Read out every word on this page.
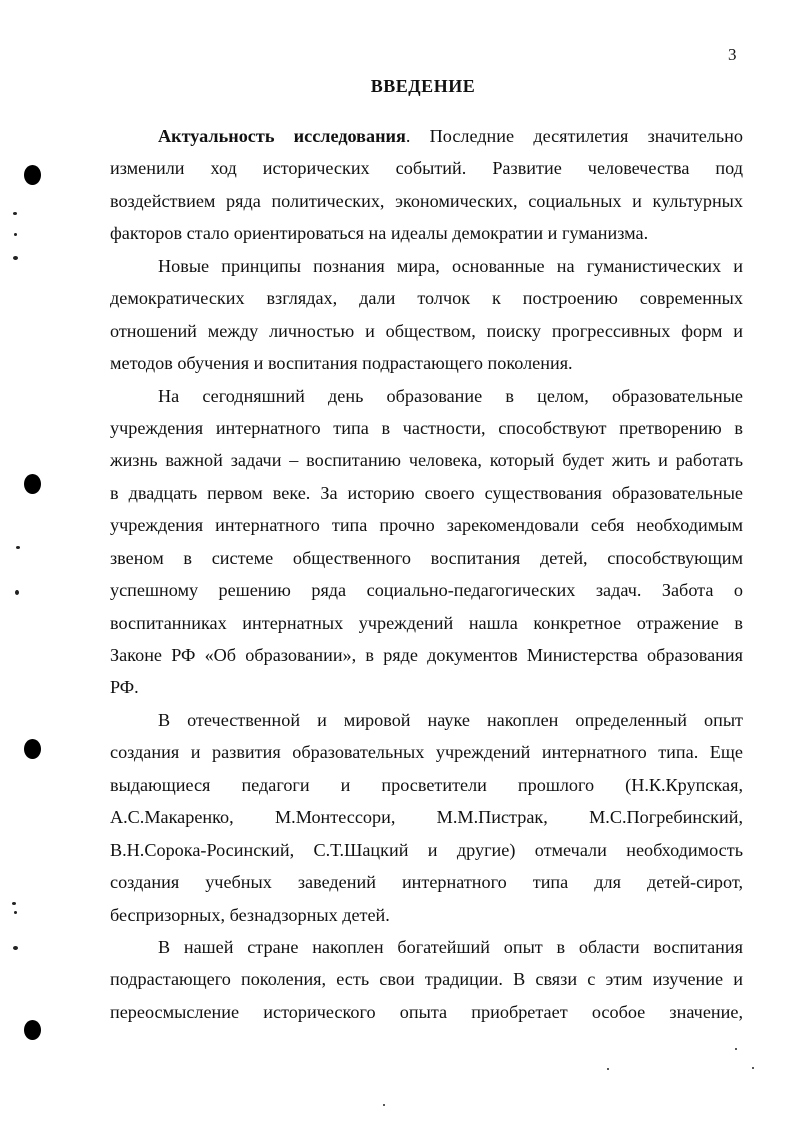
3
ВВЕДЕНИЕ
Актуальность исследования. Последние десятилетия значительно
изменили ход исторических событий. Развитие человечества под
воздействием ряда политических, экономических, социальных и культурных
факторов стало ориентироваться на идеалы демократии и гуманизма.
Новые принципы познания мира, основанные на гуманистических и
демократических взглядах, дали толчок к построению современных
отношений между личностью и обществом, поиску прогрессивных форм и
методов обучения и воспитания подрастающего поколения.
На сегодняшний день образование в целом, образовательные
учреждения интернатного типа в частности, способствуют претворению в
жизнь важной задачи – воспитанию человека, который будет жить и работать
в двадцать первом веке. За историю своего существования образовательные
учреждения интернатного типа прочно зарекомендовали себя необходимым
звеном в системе общественного воспитания детей, способствующим
успешному решению ряда социально-педагогических задач. Забота о
воспитанниках интернатных учреждений нашла конкретное отражение в
Законе РФ «Об образовании», в ряде документов Министерства образования
РФ.
В отечественной и мировой науке накоплен определенный опыт
создания и развития образовательных учреждений интернатного типа. Еще
выдающиеся педагоги и просветители прошлого (Н.К.Крупская,
А.С.Макаренко, М.Монтессори, М.М.Пистрак, М.С.Погребинский,
В.Н.Сорока-Росинский, С.Т.Шацкий и другие) отмечали необходимость
создания учебных заведений интернатного типа для детей-сирот,
беспризорных, безнадзорных детей.
В нашей стране накоплен богатейший опыт в области воспитания
подрастающего поколения, есть свои традиции. В связи с этим изучение и
переосмысление исторического опыта приобретает особое значение,
